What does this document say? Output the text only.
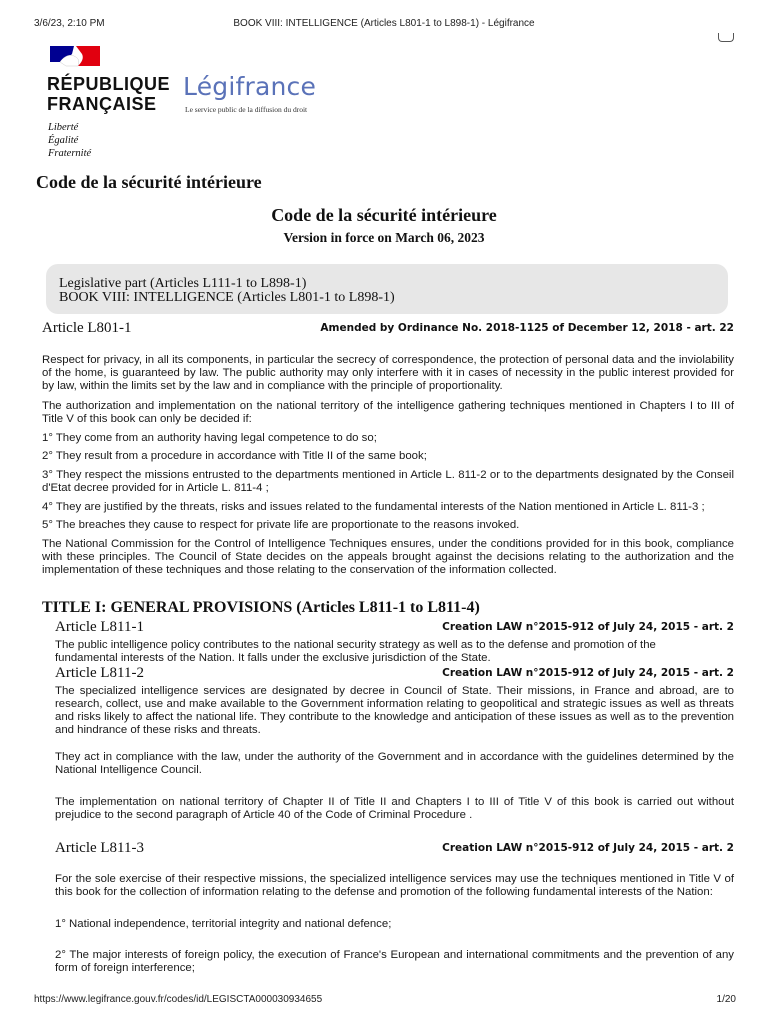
3/6/23, 2:10 PM	BOOK VIII: INTELLIGENCE (Articles L801-1 to L898-1) - Légifrance
RÉPUBLIQUE
FRANÇAISE
Liberté
Égalité
Fraternité
Légifrance
Le service public de la diffusion du droit
Code de la sécurité intérieure
Code de la sécurité intérieure
Version in force on March 06, 2023
Legislative part (Articles L111-1 to L898-1)
BOOK VIII: INTELLIGENCE (Articles L801-1 to L898-1)
Article L801-1	Amended by Ordinance No. 2018-1125 of December 12, 2018 - art. 22
Respect for privacy, in all its components, in particular the secrecy of correspondence, the protection of personal data and the inviolability of the home, is guaranteed by law. The public authority may only interfere with it in cases of necessity in the public interest provided for by law, within the limits set by the law and in compliance with the principle of proportionality.
The authorization and implementation on the national territory of the intelligence gathering techniques mentioned in Chapters I to III of Title V of this book can only be decided if:
1° They come from an authority having legal competence to do so;
2° They result from a procedure in accordance with Title II of the same book;
3° They respect the missions entrusted to the departments mentioned in Article L. 811-2 or to the departments designated by the Conseil d'Etat decree provided for in Article L. 811-4 ;
4° They are justified by the threats, risks and issues related to the fundamental interests of the Nation mentioned in Article L. 811-3 ;
5° The breaches they cause to respect for private life are proportionate to the reasons invoked.
The National Commission for the Control of Intelligence Techniques ensures, under the conditions provided for in this book, compliance with these principles. The Council of State decides on the appeals brought against the decisions relating to the authorization and the implementation of these techniques and those relating to the conservation of the information collected.
TITLE I: GENERAL PROVISIONS (Articles L811-1 to L811-4)
Article L811-1	Creation LAW n°2015-912 of July 24, 2015 - art. 2
The public intelligence policy contributes to the national security strategy as well as to the defense and promotion of the fundamental interests of the Nation. It falls under the exclusive jurisdiction of the State.
Article L811-2	Creation LAW n°2015-912 of July 24, 2015 - art. 2
The specialized intelligence services are designated by decree in Council of State. Their missions, in France and abroad, are to research, collect, use and make available to the Government information relating to geopolitical and strategic issues as well as threats and risks likely to affect the national life. They contribute to the knowledge and anticipation of these issues as well as to the prevention and hindrance of these risks and threats.
They act in compliance with the law, under the authority of the Government and in accordance with the guidelines determined by the National Intelligence Council.
The implementation on national territory of Chapter II of Title II and Chapters I to III of Title V of this book is carried out without prejudice to the second paragraph of Article 40 of the Code of Criminal Procedure .
Article L811-3	Creation LAW n°2015-912 of July 24, 2015 - art. 2
For the sole exercise of their respective missions, the specialized intelligence services may use the techniques mentioned in Title V of this book for the collection of information relating to the defense and promotion of the following fundamental interests of the Nation:
1° National independence, territorial integrity and national defence;
2° The major interests of foreign policy, the execution of France's European and international commitments and the prevention of any form of foreign interference;
https://www.legifrance.gouv.fr/codes/id/LEGISCTA000030934655	1/20
